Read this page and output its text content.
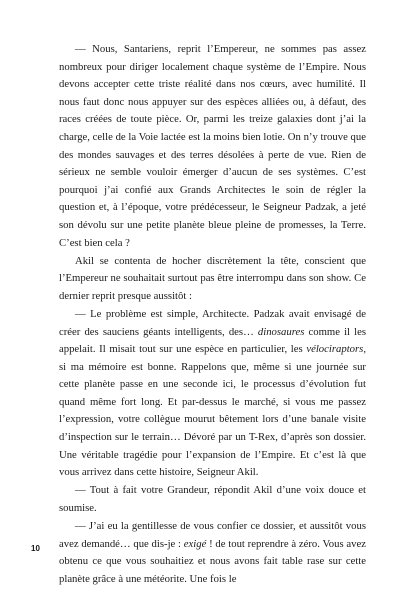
— Nous, Santariens, reprit l’Empereur, ne sommes pas assez nombreux pour diriger localement chaque système de l’Empire. Nous devons accepter cette triste réalité dans nos cœurs, avec humilité. Il nous faut donc nous appuyer sur des espèces alliées ou, à défaut, des races créées de toute pièce. Or, parmi les treize galaxies dont j’ai la charge, celle de la Voie lactée est la moins bien lotie. On n’y trouve que des mondes sauvages et des terres désolées à perte de vue. Rien de sérieux ne semble vouloir émerger d’aucun de ses systèmes. C’est pourquoi j’ai confié aux Grands Architectes le soin de régler la question et, à l’époque, votre prédécesseur, le Seigneur Padzak, a jeté son dévolu sur une petite planète bleue pleine de promesses, la Terre. C’est bien cela ?

Akil se contenta de hocher discrètement la tête, conscient que l’Empereur ne souhaitait surtout pas être interrompu dans son show. Ce dernier reprit presque aussitôt :

— Le problème est simple, Architecte. Padzak avait envisagé de créer des sauciens géants intelligents, des… dinosaures comme il les appelait. Il misait tout sur une espèce en particulier, les vélociraptors, si ma mémoire est bonne. Rappelons que, même si une journée sur cette planète passe en une seconde ici, le processus d’évolution fut quand même fort long. Et par-dessus le marché, si vous me passez l’expression, votre collègue mourut bêtement lors d’une banale visite d’inspection sur le terrain… Dévoré par un T-Rex, d’après son dossier. Une véritable tragédie pour l’expansion de l’Empire. Et c’est là que vous arrivez dans cette histoire, Seigneur Akil.

— Tout à fait votre Grandeur, répondit Akil d’une voix douce et soumise.

— J’ai eu la gentillesse de vous confier ce dossier, et aussitôt vous avez demandé… que dis-je : exigé ! de tout reprendre à zéro. Vous avez obtenu ce que vous souhaitiez et nous avons fait table rase sur cette planète grâce à une météorite. Une fois le

10
